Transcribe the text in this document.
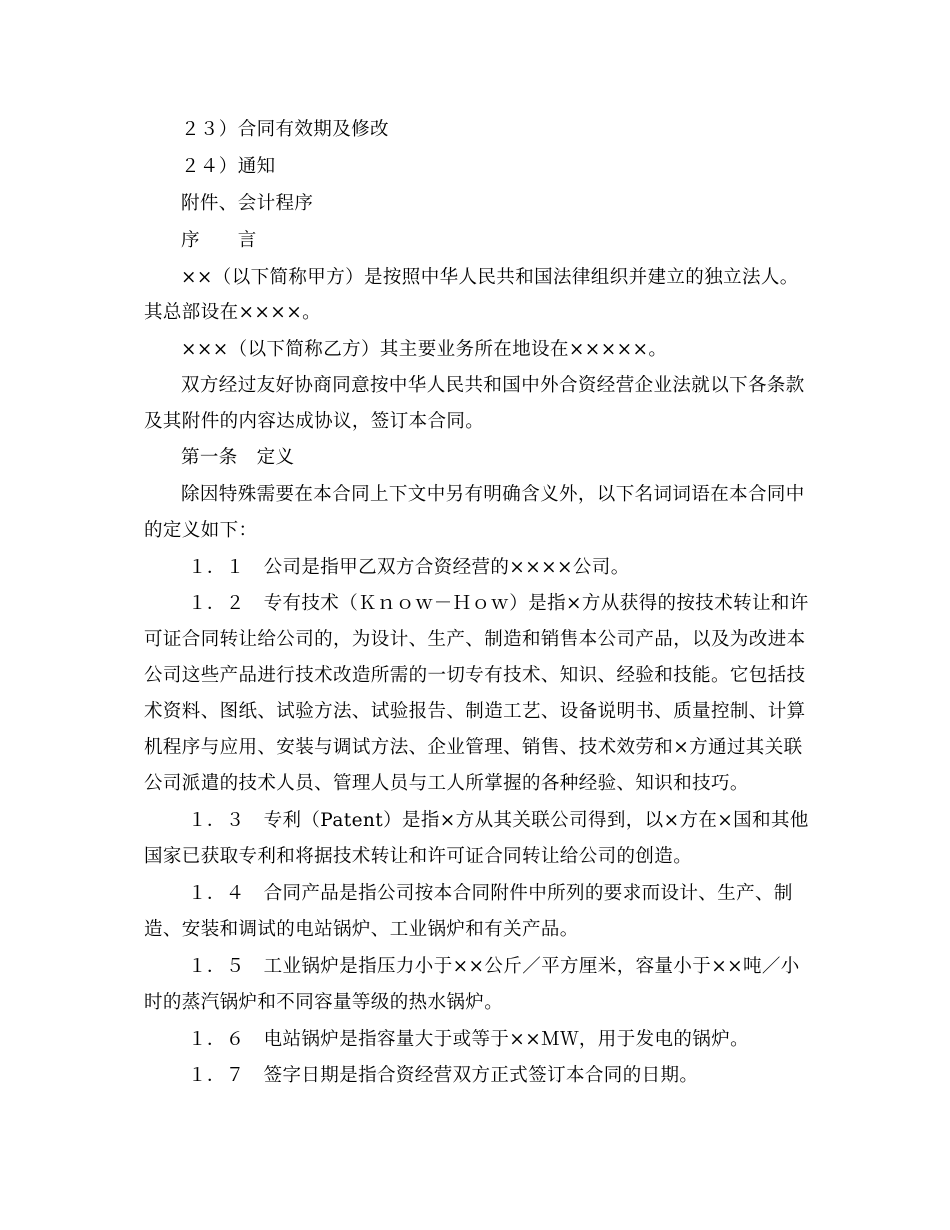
２３）合同有效期及修改
２４）通知
附件、会计程序
序　　言
××（以下简称甲方）是按照中华人民共和国法律组织并建立的独立法人。
其总部设在××××。
×××（以下简称乙方）其主要业务所在地设在×××××。
双方经过友好协商同意按中华人民共和国中外合资经营企业法就以下各条款
及其附件的内容达成协议，签订本合同。
第一条　定义
除因特殊需要在本合同上下文中另有明确含义外，以下名词词语在本合同中
的定义如下：
１．１　公司是指甲乙双方合资经营的××××公司。
１．２　专有技术（Ｋｎｏｗ－Ｈｏｗ）是指×方从获得的按技术转让和许
可证合同转让给公司的，为设计、生产、制造和销售本公司产品，以及为改进本
公司这些产品进行技术改造所需的一切专有技术、知识、经验和技能。它包括技
术资料、图纸、试验方法、试验报告、制造工艺、设备说明书、质量控制、计算
机程序与应用、安装与调试方法、企业管理、销售、技术效劳和×方通过其关联
公司派遣的技术人员、管理人员与工人所掌握的各种经验、知识和技巧。
１．３　专利（Patent）是指×方从其关联公司得到，以×方在×国和其他
国家已获取专利和将据技术转让和许可证合同转让给公司的创造。
１．４　合同产品是指公司按本合同附件中所列的要求而设计、生产、制
造、安装和调试的电站锅炉、工业锅炉和有关产品。
１．５　工业锅炉是指压力小于××公斤／平方厘米，容量小于××吨／小
时的蒸汽锅炉和不同容量等级的热水锅炉。
１．６　电站锅炉是指容量大于或等于××ＭＷ，用于发电的锅炉。
１．７　签字日期是指合资经营双方正式签订本合同的日期。
